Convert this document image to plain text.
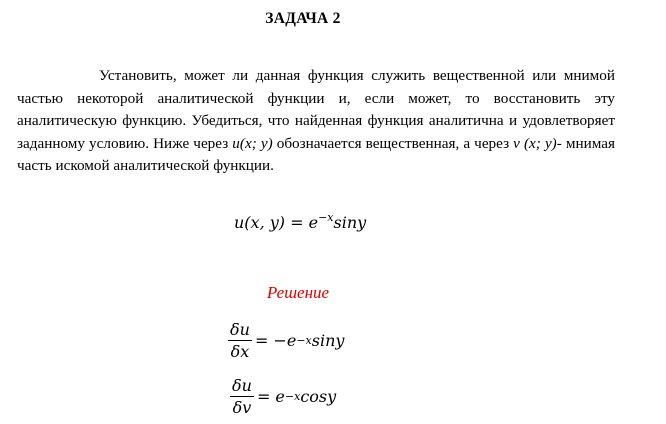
ЗАДАЧА 2

Установить, может ли данная функция служить вещественной или мнимой частью некоторой аналитической функции и, если может, то восстановить эту аналитическую функцию. Убедиться, что найденная функция аналитична и удовлетворяет заданному условию. Ниже через u(x; y) обозначается вещественная, а через v (x; y)- мнимая часть искомой аналитической функции.

u(x, $y) = e^{-x}\sin y$
Решение
$\frac{\delta u}{\delta x} = -e -x$ siny
$\frac{\delta u}{\delta v} = e -x$ cosy
